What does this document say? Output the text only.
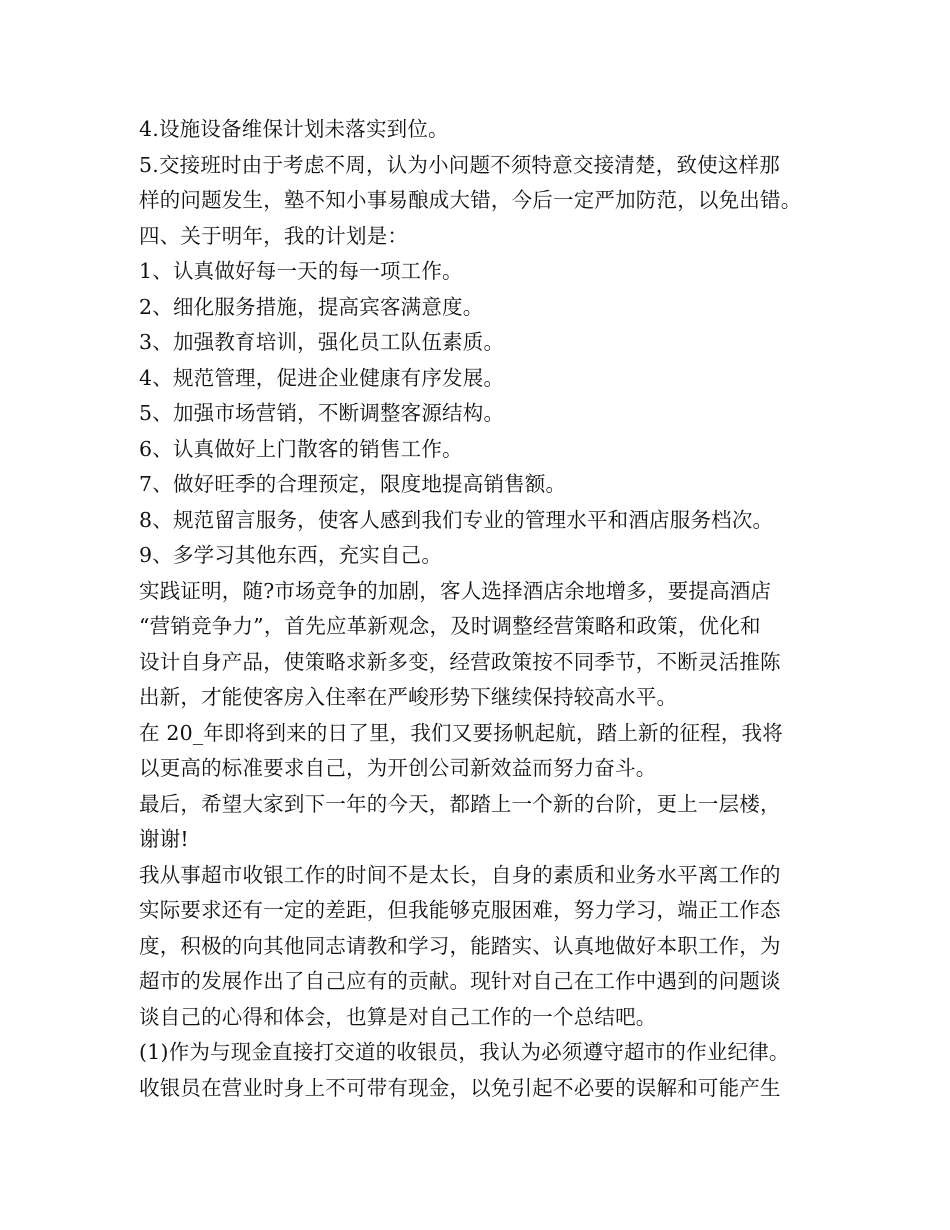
4.设施设备维保计划未落实到位。
5.交接班时由于考虑不周，认为小问题不须特意交接清楚，致使这样那
样的问题发生，塾不知小事易酿成大错，今后一定严加防范，以免出错。
四、关于明年，我的计划是：
1、认真做好每一天的每一项工作。
2、细化服务措施，提高宾客满意度。
3、加强教育培训，强化员工队伍素质。
4、规范管理，促进企业健康有序发展。
5、加强市场营销，不断调整客源结构。
6、认真做好上门散客的销售工作。
7、做好旺季的合理预定，限度地提高销售额。
8、规范留言服务，使客人感到我们专业的管理水平和酒店服务档次。
9、多学习其他东西，充实自己。
实践证明，随?市场竞争的加剧，客人选择酒店余地增多，要提高酒店
“营销竞争力”，首先应革新观念，及时调整经营策略和政策，优化和
设计自身产品，使策略求新多变，经营政策按不同季节，不断灵活推陈
出新，才能使客房入住率在严峻形势下继续保持较高水平。
在 20_年即将到来的日了里，我们又要扬帆起航，踏上新的征程，我将
以更高的标准要求自己，为开创公司新效益而努力奋斗。
最后，希望大家到下一年的今天，都踏上一个新的台阶，更上一层楼，
谢谢!
我从事超市收银工作的时间不是太长，自身的素质和业务水平离工作的
实际要求还有一定的差距，但我能够克服困难，努力学习，端正工作态
度，积极的向其他同志请教和学习，能踏实、认真地做好本职工作，为
超市的发展作出了自己应有的贡献。现针对自己在工作中遇到的问题谈
谈自己的心得和体会，也算是对自己工作的一个总结吧。
(1)作为与现金直接打交道的收银员，我认为必须遵守超市的作业纪律。
收银员在营业时身上不可带有现金，以免引起不必要的误解和可能产生
